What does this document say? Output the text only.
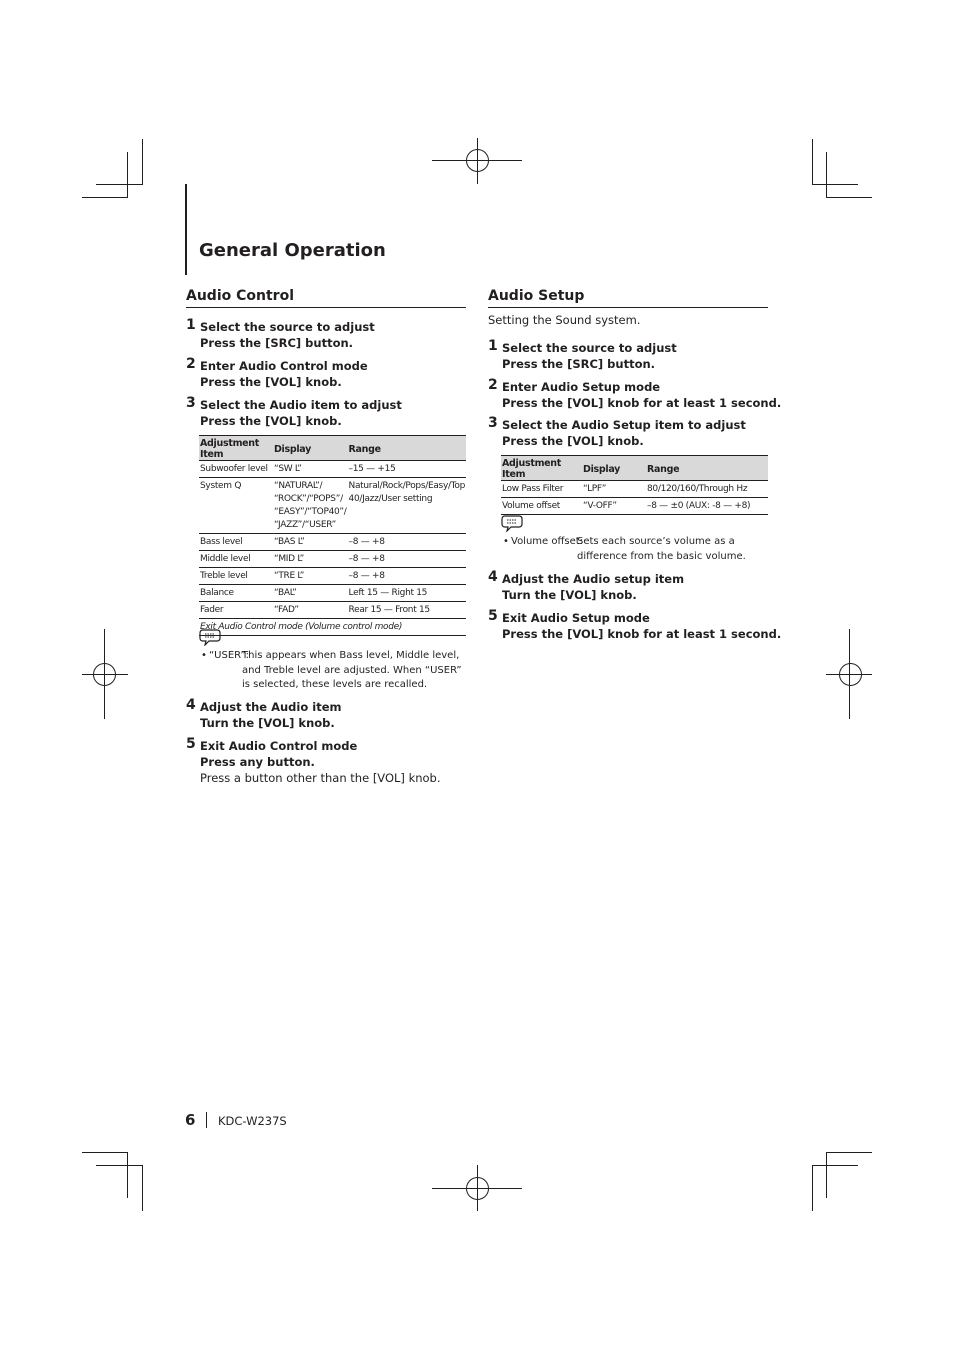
General Operation
Audio Control
1 Select the source to adjust
Press the [SRC] button.
2 Enter Audio Control mode
Press the [VOL] knob.
3 Select the Audio item to adjust
Press the [VOL] knob.
Adjustment Item	Display	Range
Subwoofer level	“SW L”	–15 — +15
System Q	“NATURAL”/ “ROCK”/“POPS”/ “EASY”/“TOP40”/ “JAZZ”/“USER”	Natural/Rock/Pops/Easy/Top 40/Jazz/User setting
Bass level	“BAS L”	–8 — +8
Middle level	“MID L”	–8 — +8
Treble level	“TRE L”	–8 — +8
Balance	“BAL”	Left 15 — Right 15
Fader	“FAD”	Rear 15 — Front 15
Exit Audio Control mode (Volume control mode)		
• “USER”:
This appears when Bass level, Middle level, and Treble level are adjusted. When “USER” is selected, these levels are recalled.
4 Adjust the Audio item
Turn the [VOL] knob.
5 Exit Audio Control mode
Press any button.
Press a button other than the [VOL] knob.
Audio Setup
Setting the Sound system.
1 Select the source to adjust
Press the [SRC] button.
2 Enter Audio Setup mode
Press the [VOL] knob for at least 1 second.
3 Select the Audio Setup item to adjust
Press the [VOL] knob.
Adjustment Item	Display	Range
Low Pass Filter	“LPF”	80/120/160/Through Hz
Volume offset	“V-OFF”	–8 — ±0 (AUX: -8 — +8)
• Volume offset:
Sets each source’s volume as a difference from the basic volume.
4 Adjust the Audio setup item
Turn the [VOL] knob.
5 Exit Audio Setup mode
Press the [VOL] knob for at least 1 second.
6 KDC-W237S
